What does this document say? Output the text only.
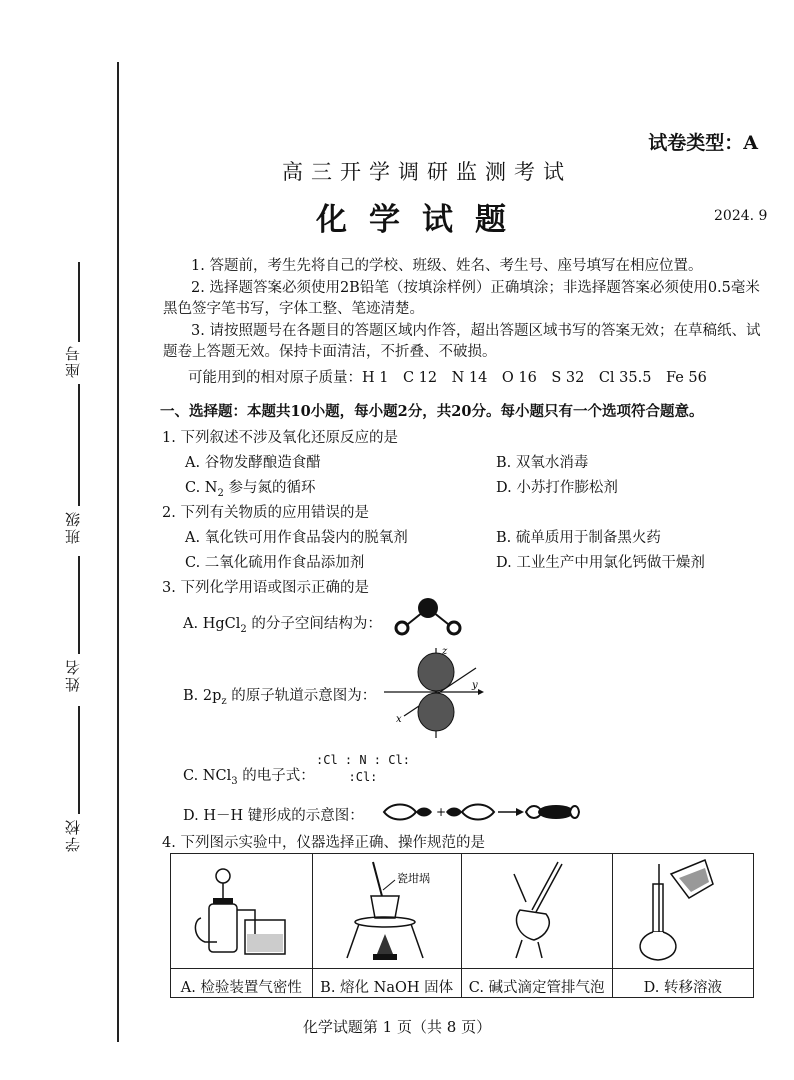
座号
班级
姓名
学校
试卷类型：A
高三开学调研监测考试
化学试题	2024. 9

1. 答题前，考生先将自己的学校、班级、姓名、考生号、座号填写在相应位置。

2. 选择题答案必须使用2B铅笔（按填涂样例）正确填涂；非选择题答案必须使用0.5毫米黑色签字笔书写，字体工整、笔迹清楚。

3. 请按照题号在各题目的答题区域内作答，超出答题区域书写的答案无效；在草稿纸、试题卷上答题无效。保持卡面清洁，不折叠、不破损。

可能用到的相对原子质量：H 1　C 12　N 14　O 16　S 32　Cl 35.5　Fe 56

一、选择题：本题共10小题，每小题2分，共20分。每小题只有一个选项符合题意。
1. 下列叙述不涉及氧化还原反应的是
A. 谷物发酵酿造食醋	B. 双氧水消毒
C. $N_2$ 参与氮的循环	D. 小苏打作膨松剂
2. 下列有关物质的应用错误的是
A. 氧化铁可用作食品袋内的脱氧剂	B. 硫单质用于制备黑火药
C. 二氧化硫用作食品添加剂	D. 工业生产中用氯化钙做干燥剂
3. 下列化学用语或图示正确的是
A. HgCl$_2$ 的分子空间结构为：
B. $2p_z$ 的原子轨道示意图为：
z
y
x
C. NCl$_3$ 的电子式：
:Cl : N : Cl:
:Cl:
D. H－H 键形成的示意图：	+
4. 下列图示实验中，仪器选择正确、操作规范的是

瓷坩埚

A. 检验装置气密性	B. 熔化 NaOH 固体	C. 碱式滴定管排气泡	D. 转移溶液
化学试题第 1 页（共 8 页）
